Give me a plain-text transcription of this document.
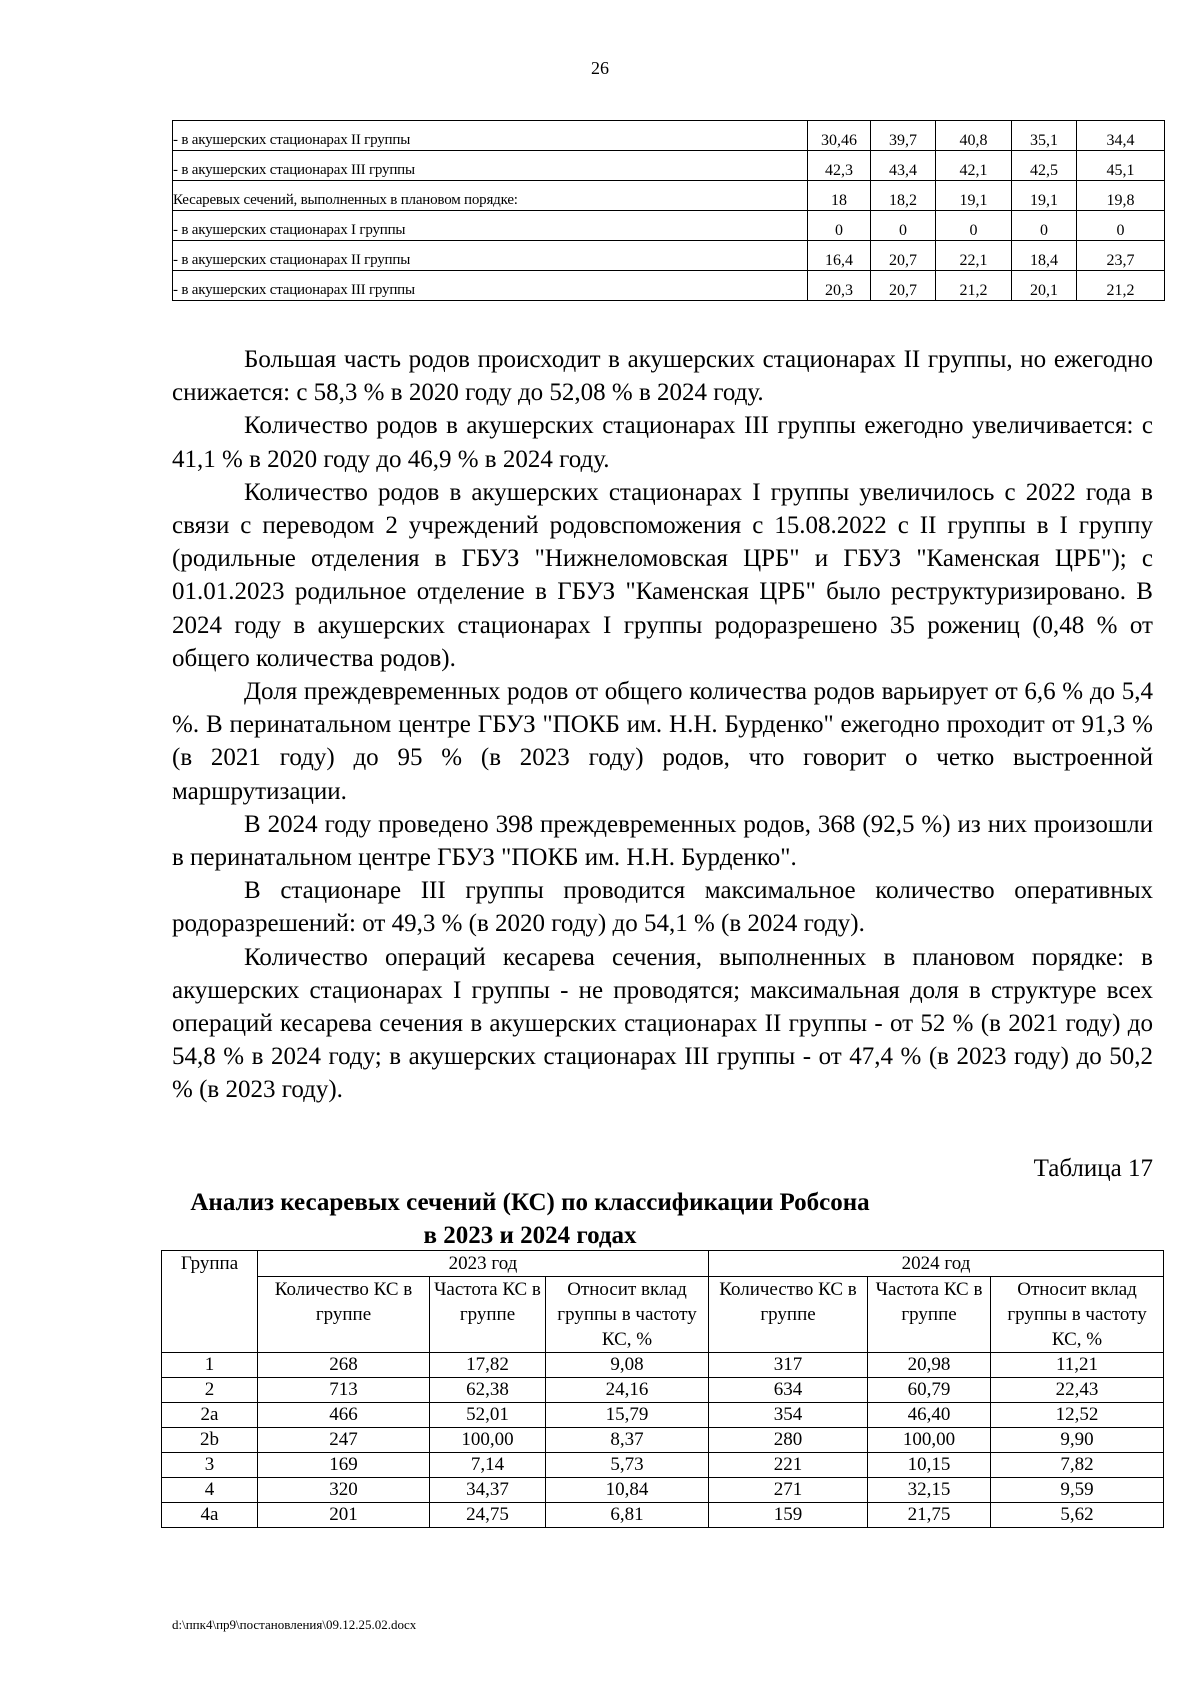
26
- в акушерских стационарах II группы	30,46	39,7	40,8	35,1	34,4
- в акушерских стационарах III группы	42,3	43,4	42,1	42,5	45,1
Кесаревых сечений, выполненных в плановом порядке:	18	18,2	19,1	19,1	19,8
- в акушерских стационарах I группы	0	0	0	0	0
- в акушерских стационарах II группы	16,4	20,7	22,1	18,4	23,7
- в акушерских стационарах III группы	20,3	20,7	21,2	20,1	21,2

Большая часть родов происходит в акушерских стационарах II группы, но ежегодно снижается: с 58,3 % в 2020 году до 52,08 % в 2024 году.

Количество родов в акушерских стационарах III группы ежегодно увеличивается: с 41,1 % в 2020 году до 46,9 % в 2024 году.

Количество родов в акушерских стационарах I группы увеличилось с 2022 года в связи с переводом 2 учреждений родовспоможения с 15.08.2022 с II группы в I группу (родильные отделения в ГБУЗ "Нижнеломовская ЦРБ" и ГБУЗ "Каменская ЦРБ"); с 01.01.2023 родильное отделение в ГБУЗ "Каменская ЦРБ" было реструктуризировано. В 2024 году в акушерских стационарах I группы родоразрешено 35 рожениц (0,48 % от общего количества родов).

Доля преждевременных родов от общего количества родов варьирует от 6,6 % до 5,4 %. В перинатальном центре ГБУЗ "ПОКБ им. Н.Н. Бурденко" ежегодно проходит от 91,3 % (в 2021 году) до 95 % (в 2023 году) родов, что говорит о четко выстроенной маршрутизации.

В 2024 году проведено 398 преждевременных родов, 368 (92,5 %) из них произошли в перинатальном центре ГБУЗ "ПОКБ им. Н.Н. Бурденко".

В стационаре III группы проводится максимальное количество оперативных родоразрешений: от 49,3 % (в 2020 году) до 54,1 % (в 2024 году).

Количество операций кесарева сечения, выполненных в плановом порядке: в акушерских стационарах I группы - не проводятся; максимальная доля в структуре всех операций кесарева сечения в акушерских стационарах II группы - от 52 % (в 2021 году) до 54,8 % в 2024 году; в акушерских стационарах III группы - от 47,4 % (в 2023 году) до 50,2 % (в 2023 году).

Таблица 17
Анализ кесаревых сечений (КС) по классификации Робсона
в 2023 и 2024 годах
Группа	2023 год			2024 год		
	Количество КС в группе	Частота КС в группе	Относит вклад группы в частоту КС, %	Количество КС в группе	Частота КС в группе	Относит вклад группы в частоту КС, %
1	268	17,82	9,08	317	20,98	11,21
2	713	62,38	24,16	634	60,79	22,43
2а	466	52,01	15,79	354	46,40	12,52
2b	247	100,00	8,37	280	100,00	9,90
3	169	7,14	5,73	221	10,15	7,82
4	320	34,37	10,84	271	32,15	9,59
4а	201	24,75	6,81	159	21,75	5,62
d:\ппк4\пр9\постановления\09.12.25.02.docx
